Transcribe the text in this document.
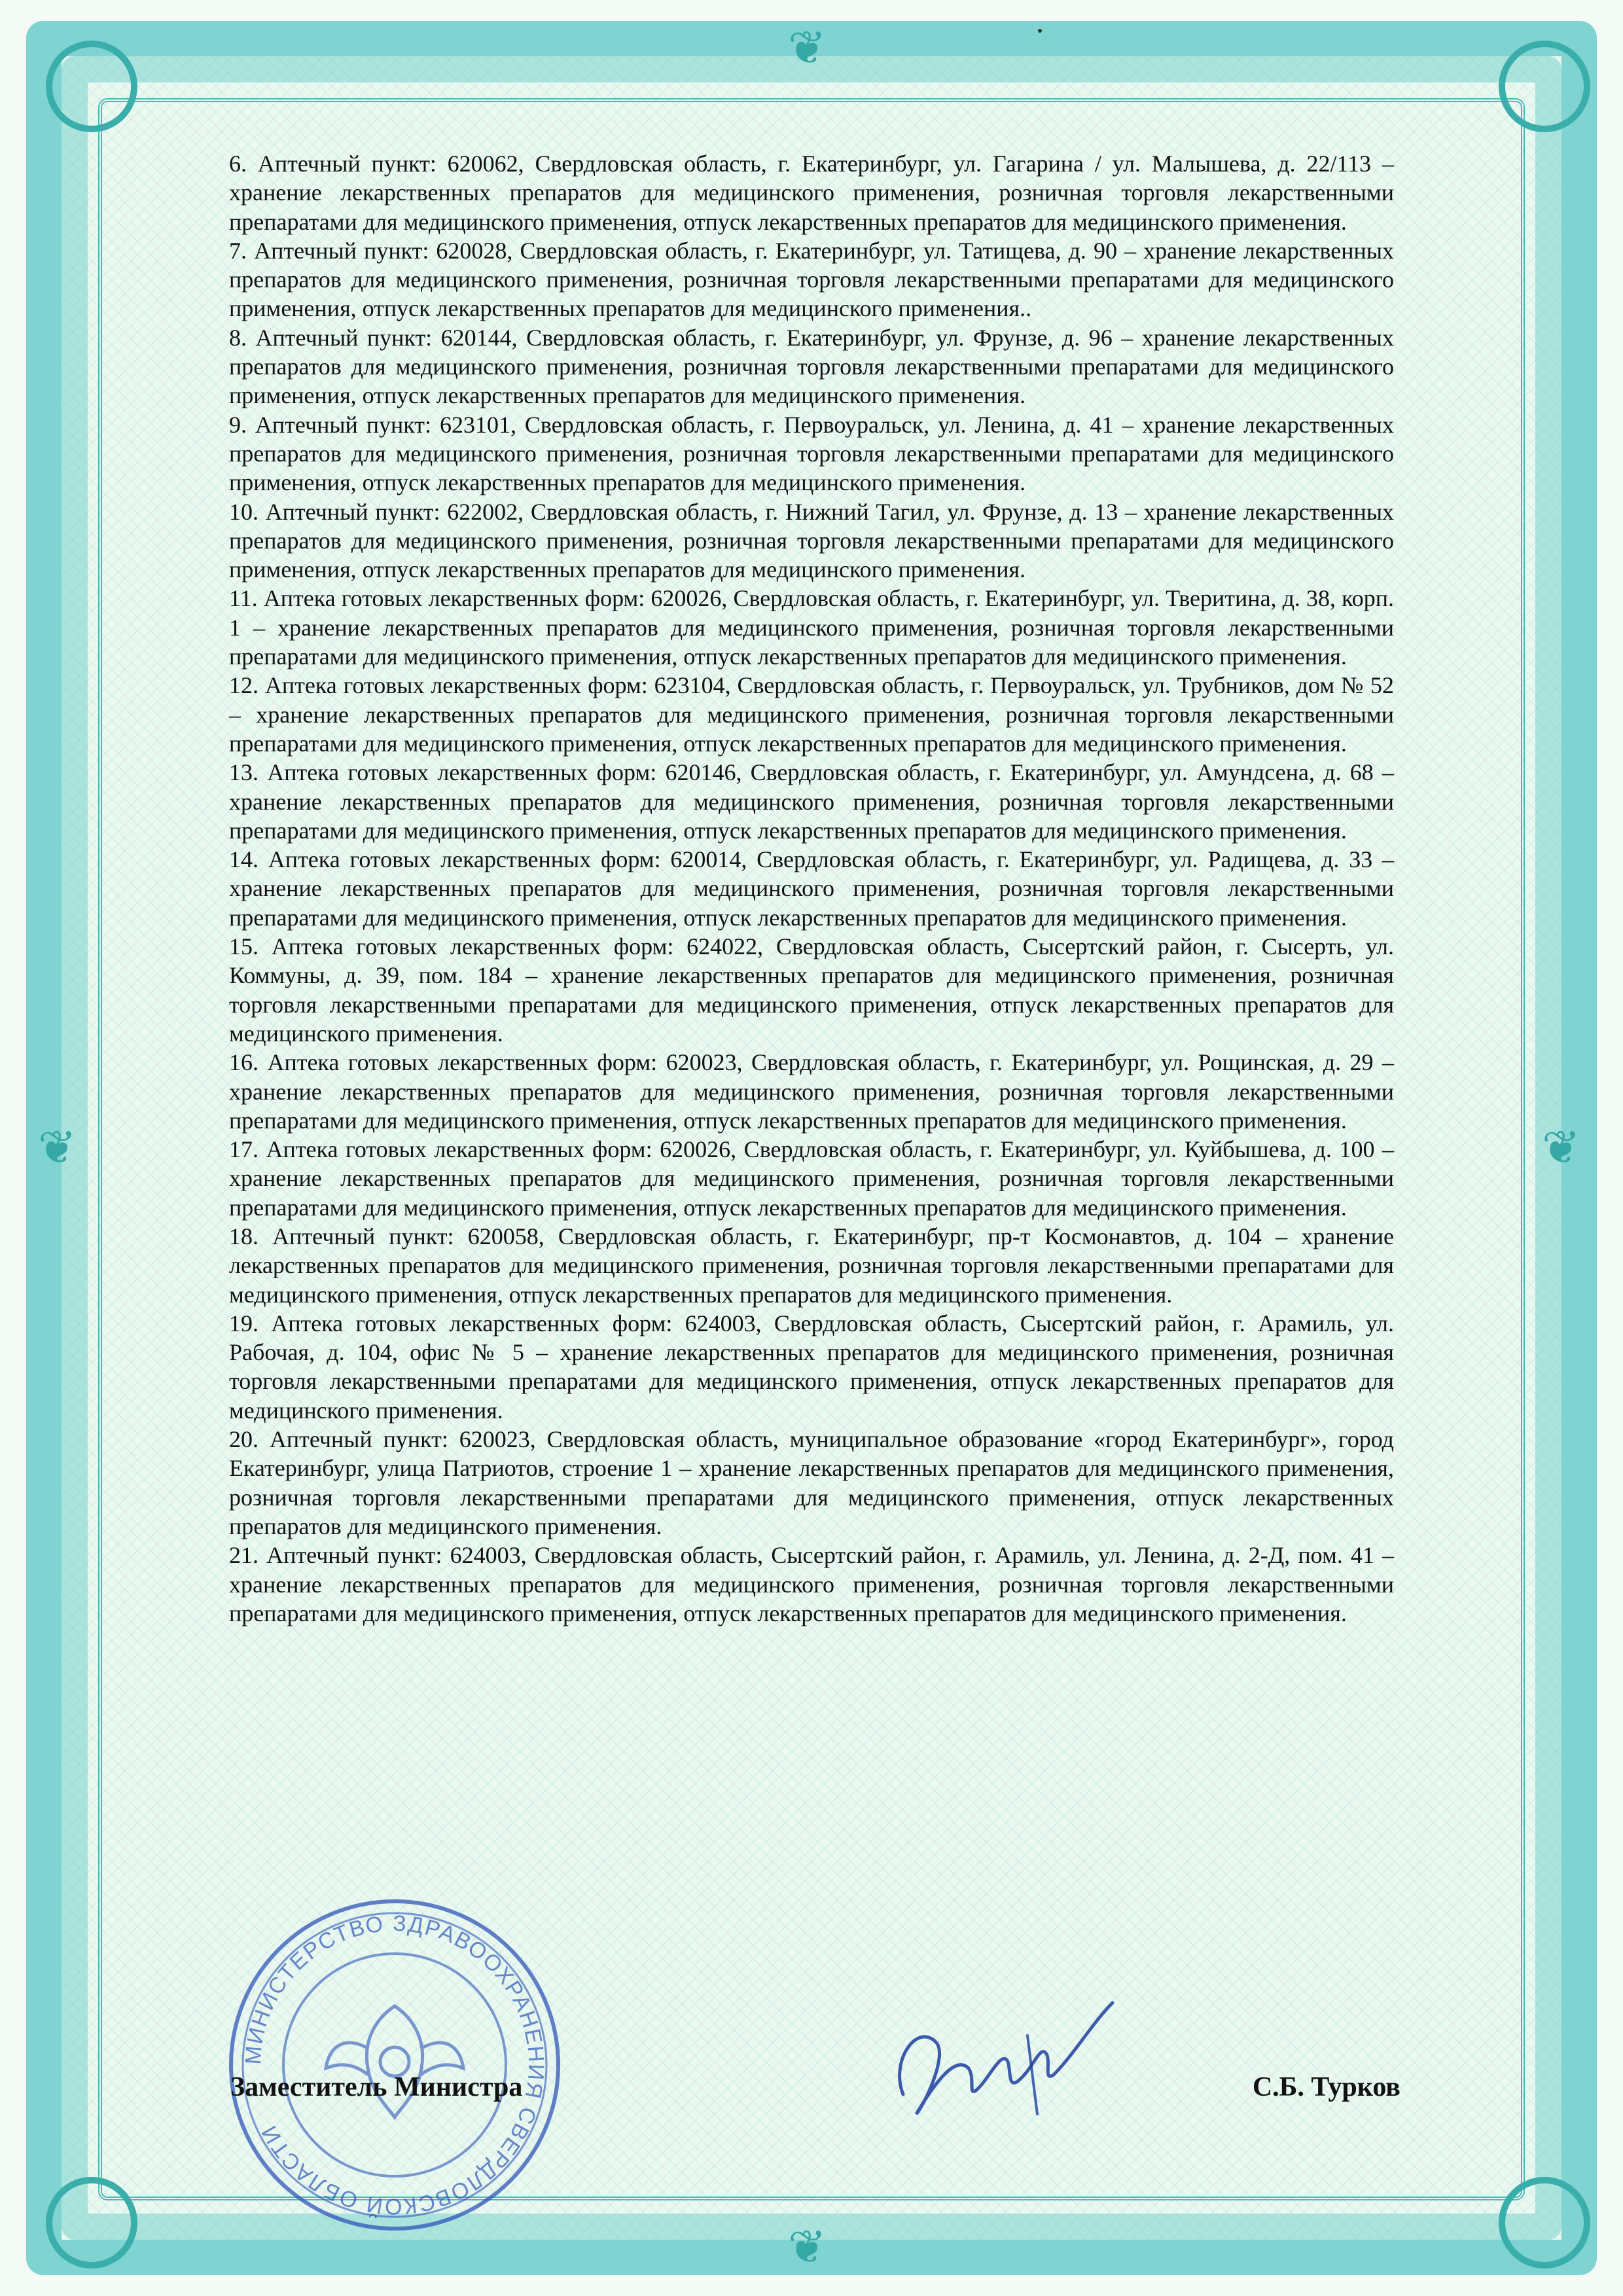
❦
❦
❦	❦

6. Аптечный пункт: 620062, Свердловская область, г. Екатеринбург, ул. Гагарина / ул. Малышева, д. 22/113 – хранение лекарственных препаратов для медицинского применения, розничная торговля лекарственными препаратами для медицинского применения, отпуск лекарственных препаратов для медицинского применения.

7. Аптечный пункт: 620028, Свердловская область, г. Екатеринбург, ул. Татищева, д. 90 – хранение лекарственных препаратов для медицинского применения, розничная торговля лекарственными препаратами для медицинского применения, отпуск лекарственных препаратов для медицинского применения..

8. Аптечный пункт: 620144, Свердловская область, г. Екатеринбург, ул. Фрунзе, д. 96 – хранение лекарственных препаратов для медицинского применения, розничная торговля лекарственными препаратами для медицинского применения, отпуск лекарственных препаратов для медицинского применения.

9. Аптечный пункт: 623101, Свердловская область, г. Первоуральск, ул. Ленина, д. 41 – хранение лекарственных препаратов для медицинского применения, розничная торговля лекарственными препаратами для медицинского применения, отпуск лекарственных препаратов для медицинского применения.

10. Аптечный пункт: 622002, Свердловская область, г. Нижний Тагил, ул. Фрунзе, д. 13 – хранение лекарственных препаратов для медицинского применения, розничная торговля лекарственными препаратами для медицинского применения, отпуск лекарственных препаратов для медицинского применения.

11. Аптека готовых лекарственных форм: 620026, Свердловская область, г. Екатеринбург, ул. Тверитина, д. 38, корп. 1 – хранение лекарственных препаратов для медицинского применения, розничная торговля лекарственными препаратами для медицинского применения, отпуск лекарственных препаратов для медицинского применения.

12. Аптека готовых лекарственных форм: 623104, Свердловская область, г. Первоуральск, ул. Трубников, дом № 52 – хранение лекарственных препаратов для медицинского применения, розничная торговля лекарственными препаратами для медицинского применения, отпуск лекарственных препаратов для медицинского применения.

13. Аптека готовых лекарственных форм: 620146, Свердловская область, г. Екатеринбург, ул. Амундсена, д. 68 – хранение лекарственных препаратов для медицинского применения, розничная торговля лекарственными препаратами для медицинского применения, отпуск лекарственных препаратов для медицинского применения.

14. Аптека готовых лекарственных форм: 620014, Свердловская область, г. Екатеринбург, ул. Радищева, д. 33 – хранение лекарственных препаратов для медицинского применения, розничная торговля лекарственными препаратами для медицинского применения, отпуск лекарственных препаратов для медицинского применения.

15. Аптека готовых лекарственных форм: 624022, Свердловская область, Сысертский район, г. Сысерть, ул. Коммуны, д. 39, пом. 184 – хранение лекарственных препаратов для медицинского применения, розничная торговля лекарственными препаратами для медицинского применения, отпуск лекарственных препаратов для медицинского применения.

16. Аптека готовых лекарственных форм: 620023, Свердловская область, г. Екатеринбург, ул. Рощинская, д. 29 – хранение лекарственных препаратов для медицинского применения, розничная торговля лекарственными препаратами для медицинского применения, отпуск лекарственных препаратов для медицинского применения.

17. Аптека готовых лекарственных форм: 620026, Свердловская область, г. Екатеринбург, ул. Куйбышева, д. 100 – хранение лекарственных препаратов для медицинского применения, розничная торговля лекарственными препаратами для медицинского применения, отпуск лекарственных препаратов для медицинского применения.

18. Аптечный пункт: 620058, Свердловская область, г. Екатеринбург, пр-т Космонавтов, д. 104 – хранение лекарственных препаратов для медицинского применения, розничная торговля лекарственными препаратами для медицинского применения, отпуск лекарственных препаратов для медицинского применения.

19. Аптека готовых лекарственных форм: 624003, Свердловская область, Сысертский район, г. Арамиль, ул. Рабочая, д. 104, офис № 5 – хранение лекарственных препаратов для медицинского применения, розничная торговля лекарственными препаратами для медицинского применения, отпуск лекарственных препаратов для медицинского применения.

20. Аптечный пункт: 620023, Свердловская область, муниципальное образование «город Екатеринбург», город Екатеринбург, улица Патриотов, строение 1 – хранение лекарственных препаратов для медицинского применения, розничная торговля лекарственными препаратами для медицинского применения, отпуск лекарственных препаратов для медицинского применения.

21. Аптечный пункт: 624003, Свердловская область, Сысертский район, г. Арамиль, ул. Ленина, д. 2-Д, пом. 41 – хранение лекарственных препаратов для медицинского применения, розничная торговля лекарственными препаратами для медицинского применения, отпуск лекарственных препаратов для медицинского применения.

МИНИСТЕРСТВО ЗДРАВООХРАНЕНИЯ СВЕРДЛОВСКОЙ ОБЛАСТИ
Заместитель Министра	С.Б. Турков
